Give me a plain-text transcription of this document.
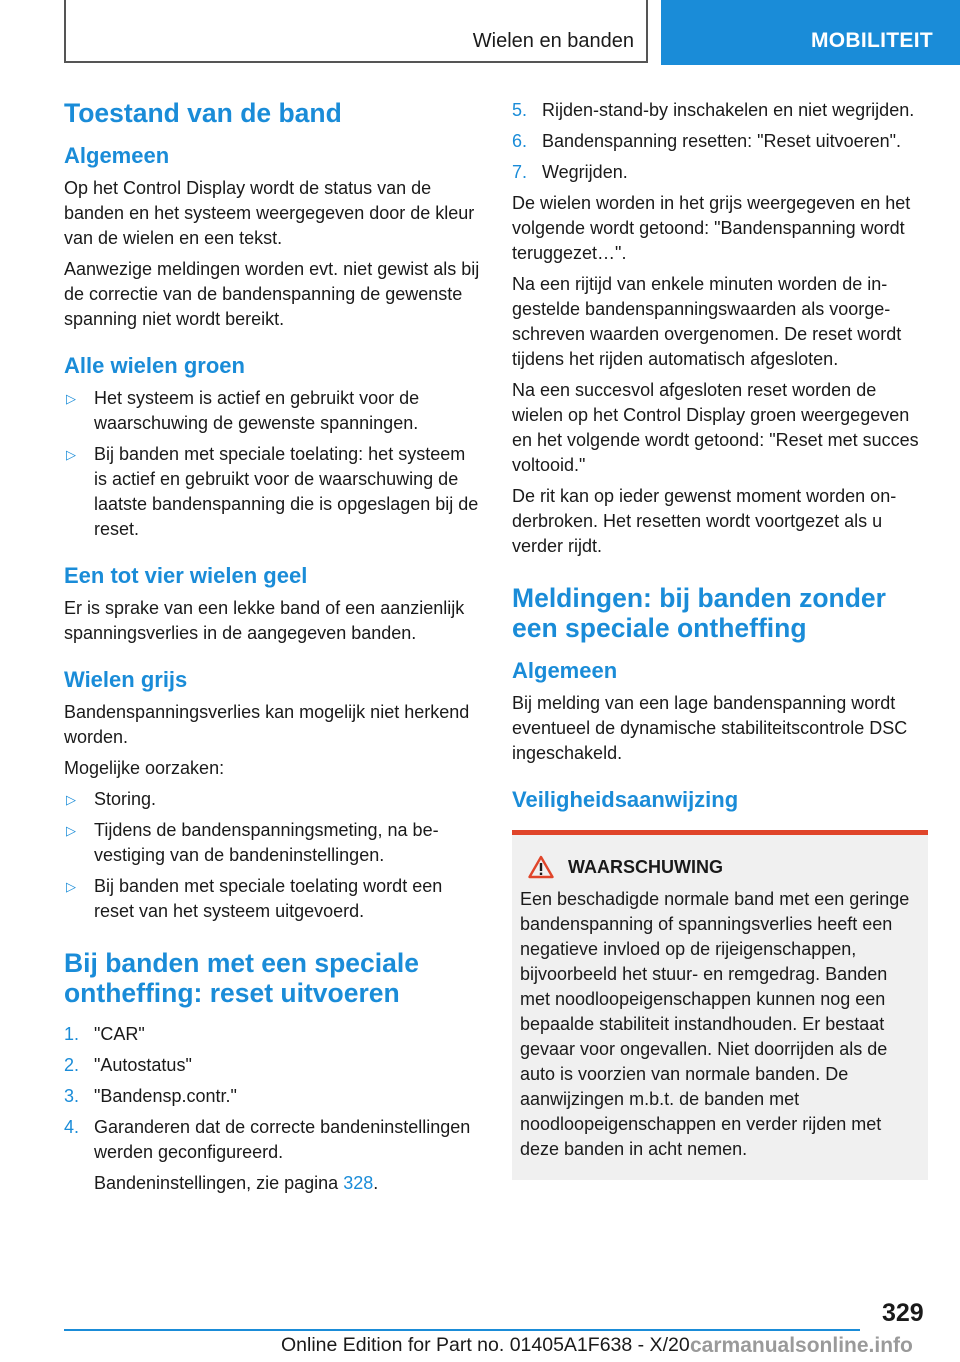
Wielen en banden	MOBILITEIT
Toestand van de band
Algemeen

Op het Control Display wordt de status van de banden en het systeem weergegeven door de kleur van de wielen en een tekst.

Aanwezige meldingen worden evt. niet gewist als bij de correctie van de bandenspanning de gewenste spanning niet wordt bereikt.

Alle wielen groen
▷ Het systeem is actief en gebruikt voor de waarschuwing de gewenste spanningen.
▷ Bij banden met speciale toelating: het systeem is actief en gebruikt voor de waarschuwing de laatste bandenspanning die is opgeslagen bij de reset.
Een tot vier wielen geel

Er is sprake van een lekke band of een aanzienlijk spanningsverlies in de aangegeven banden.

Wielen grijs

Bandenspanningsverlies kan mogelijk niet herkend worden.

Mogelijke oorzaken:

▷ Storing.
▷ Tijdens de bandenspanningsmeting, na bevestiging van de bandeninstellingen.
▷ Bij banden met speciale toelating wordt een reset van het systeem uitgevoerd.
Bij banden met een speciale ontheffing: reset uitvoeren
1. "CAR"
2. "Autostatus"
3. "Bandensp.contr."
4. Garanderen dat de correcte bandeninstellingen werden geconfigureerd.
Bandeninstellingen, zie pagina 328.
5. Rijden-stand-by inschakelen en niet wegrijden.
6. Bandenspanning resetten: "Reset uitvoeren".
7. Wegrijden.

De wielen worden in het grijs weergegeven en het volgende wordt getoond: "Bandenspanning wordt teruggezet…".

Na een rijtijd van enkele minuten worden de ingestelde bandenspanningswaarden als voorgeschreven waarden overgenomen. De reset wordt tijdens het rijden automatisch afgesloten.

Na een succesvol afgesloten reset worden de wielen op het Control Display groen weergegeven en het volgende wordt getoond: "Reset met succes voltooid."

De rit kan op ieder gewenst moment worden onderbroken. Het resetten wordt voortgezet als u verder rijdt.

Meldingen: bij banden zonder een speciale ontheffing
Algemeen

Bij melding van een lage bandenspanning wordt eventueel de dynamische stabiliteitscontrole DSC ingeschakeld.

Veiligheidsaanwijzing
WAARSCHUWING

Een beschadigde normale band met een geringe bandenspanning of spanningsverlies heeft een negatieve invloed op de rijeigenschappen, bijvoorbeeld het stuur- en remgedrag. Banden met noodloopeigenschappen kunnen nog een bepaalde stabiliteit instandhouden. Er bestaat gevaar voor ongevallen. Niet doorrijden als de auto is voorzien van normale banden. De aanwijzingen m.b.t. de banden met noodloopeigenschappen en verder rijden met deze banden in acht nemen.

329
Online Edition for Part no. 01405A1F638 - X/20 carmanualsonline.info
